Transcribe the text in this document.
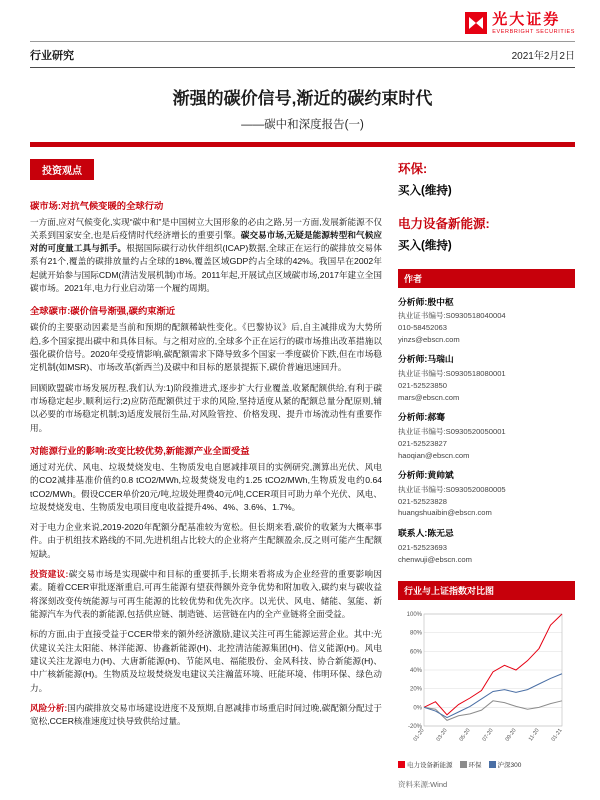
光大证券
EVERBRIGHT SECURITIES
行业研究	2021年2月2日
渐强的碳价信号,渐近的碳约束时代
——碳中和深度报告(一)
投资观点
碳市场:对抗气候变暖的全球行动

一方面,应对气候变化,实现“碳中和”是中国树立大国形象的必由之路,另一方面,发展新能源不仅关系到国家安全,也是后疫情时代经济增长的重要引擎。碳交易市场,无疑是能源转型和气候应对的可度量工具与抓手。根据国际碳行动伙伴组织(ICAP)数据,全球正在运行的碳排放交易体系有21个,覆盖的碳排放量约占全球的18%,覆盖区域GDP约占全球的42%。我国早在2002年起就开始参与国际CDM(清洁发展机制)市场。2011年起,开展试点区域碳市场,2017年建立全国碳市场。2021年,电力行业启动第一个履约周期。

全球碳市:碳价信号渐强,碳约束渐近

碳价的主要驱动因素是当前和预期的配额稀缺性变化。《巴黎协议》后,自主减排成为大势所趋,多个国家提出碳中和具体目标。与之相对应的,全球多个正在运行的碳市场推出改革措施以强化碳价信号。2020年受疫情影响,碳配额需求下降导致多个国家一季度碳价下跌,但在市场稳定机制(如MSR)、市场改革(新西兰)及碳中和目标的愿景提振下,碳价普遍迅速回升。

回顾欧盟碳市场发展历程,我们认为:1)阶段推进式,逐步扩大行业覆盖,收紧配额供给,有利于碳市场稳定起步,顺利运行;2)应防范配额供过于求的风险,坚持适度从紧的配额总量分配原则,辅以必要的市场稳定机制;3)适度发展衍生品,对风险管控、价格发现、提升市场流动性有重要作用。

对能源行业的影响:改变比较优势,新能源产业全面受益

通过对光伏、风电、垃圾焚烧发电、生物质发电自愿减排项目的实例研究,测算出光伏、风电的CO2减排基准价值约0.8 tCO2/MWh,垃圾焚烧发电约1.25 tCO2/MWh,生物质发电约0.64 tCO2/MWh。假设CCER单价20元/吨,垃圾处理费40元/吨,CCER项目可助力单个光伏、风电、垃圾焚烧发电、生物质发电项目度电收益提升4%、4%、3.6%、1.7%。

对于电力企业来说,2019-2020年配额分配基准较为宽松。但长期来看,碳价的收紧为大概率事件。由于机组技术路线的不同,先进机组占比较大的企业将产生配额盈余,反之则可能产生配额短缺。

投资建议:碳交易市场是实现碳中和目标的重要抓手,长期来看将成为企业经营的重要影响因素。随着CCER审批逐渐重启,可再生能源有望获得额外竞争优势和附加收入,碳约束与碳收益将深刻改变传统能源与可再生能源的比较优势和优先次序。以光伏、风电、储能、氢能、新能源汽车为代表的新能源,包括供应链、制造链、运营链在内的全产业链将全面受益。

标的方面,由于直接受益于CCER带来的额外经济激励,建议关注可再生能源运营企业。其中:光伏建议关注太阳能、林洋能源、协鑫新能源(H)、北控清洁能源集团(H)、信义能源(H)。风电建议关注龙源电力(H)、大唐新能源(H)、节能风电、福能股份、金风科技、协合新能源(H)、中广核新能源(H)。生物质及垃圾焚烧发电建议关注瀚蓝环境、旺能环境、伟明环保、绿色动力。

风险分析:国内碳排放交易市场建设进度不及预期,自愿减排市场重启时间过晚,碳配额分配过于宽松,CCER核准速度过快导致供给过量。

环保:
买入(维持)
电力设备新能源:
买入(维持)
作者
分析师:殷中枢
执业证书编号:S0930518040004
010-58452063
yinzs@ebscn.com
分析师:马瑞山
执业证书编号:S0930518080001
021-52523850
mars@ebscn.com
分析师:郝骞
执业证书编号:S0930520050001
021-52523827
haoqian@ebscn.com
分析师:黄帅斌
执业证书编号:S0930520080005
021-52523828
huangshuaibin@ebscn.com
联系人:陈无忌
021-52523693
chenwuji@ebscn.com
行业与上证指数对比图
-20%
0%
20%
40%
60%
80%
100%
01-20 03-20 05-20 07-20 09-20 11-20 01-21
电力设备新能源 环保 沪深300
资料来源:Wind
